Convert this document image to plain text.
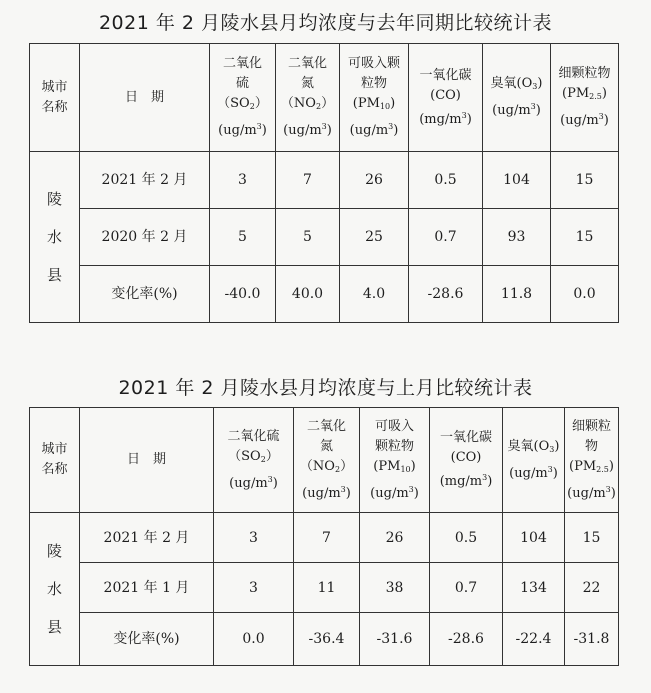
2021 年 2 月陵水县月均浓度与去年同期比较统计表
城市
名称	日　期	二氧化
硫$(SO_2)$
$(ug/m^3)$	二氧化
氮$(NO_2)$
$(ug/m^3)$	可吸入颗
粒物
$(PM_{10})$
$(ug/m^3)$	一氧化碳
(CO)
$(mg/m^3)$	臭氧$(O_3)$
$(ug/m^3)$	细颗粒物
$(PM_{2.5})$
$(ug/m^3)$

陵
水
县	2021 年 2 月	3	7	26	0.5	104	15
	2020 年 2 月	5	5	25	0.7	93	15
	变化率(%)	-40.0	40.0	4.0	-28.6	11.8	0.0
2021 年 2 月陵水县月均浓度与上月比较统计表
城市
名称	日　期	二氧化硫
$(SO_2)$
$(ug/m^3)$	二氧化
氮$(NO_2)$
$(ug/m^3)$	可吸入
颗粒物
$(PM_{10})$
$(ug/m^3)$	一氧化碳
(CO)
$(mg/m^3)$	臭氧$(O_3)$
$(ug/m^3)$	细颗粒物
$(PM_{2.5})$
$(ug/m^3)$

陵
水
县	2021 年 2 月	3	7	26	0.5	104	15
	2021 年 1 月	3	11	38	0.7	134	22
	变化率(%)	0.0	-36.4	-31.6	-28.6	-22.4	-31.8
